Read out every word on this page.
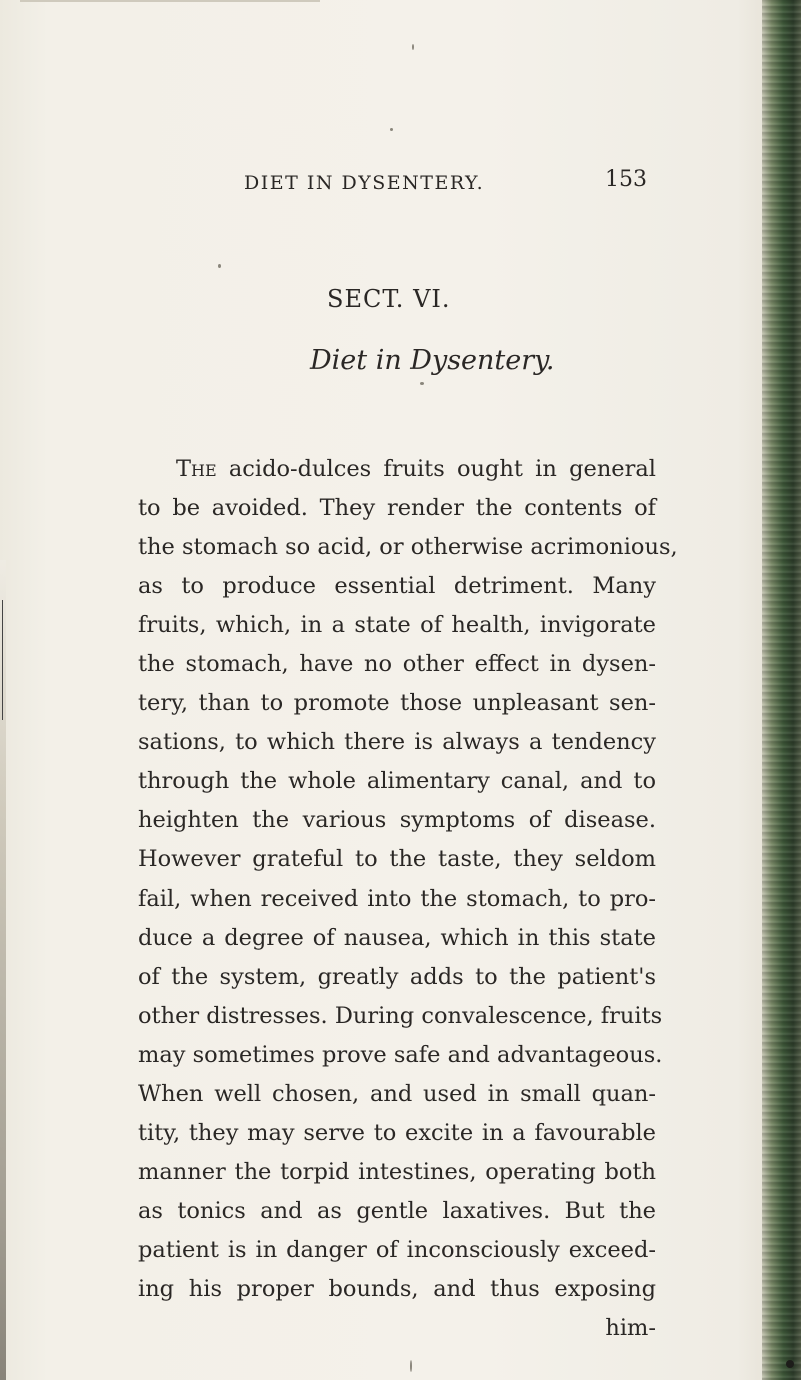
DIET IN DYSENTERY.	153
SECT. VI.
Diet in Dysentery.
The acido-dulces fruits ought in general
to be avoided. They render the contents of
the stomach so acid, or otherwise acrimonious,
as to produce essential detriment. Many
fruits, which, in a state of health, invigorate
the stomach, have no other effect in dysen-
tery, than to promote those unpleasant sen-
sations, to which there is always a tendency
through the whole alimentary canal, and to
heighten the various symptoms of disease.
However grateful to the taste, they seldom
fail, when received into the stomach, to pro-
duce a degree of nausea, which in this state
of the system, greatly adds to the patient's
other distresses. During convalescence, fruits
may sometimes prove safe and advantageous.
When well chosen, and used in small quan-
tity, they may serve to excite in a favourable
manner the torpid intestines, operating both
as tonics and as gentle laxatives. But the
patient is in danger of inconsciously exceed-
ing his proper bounds, and thus exposing
him-
